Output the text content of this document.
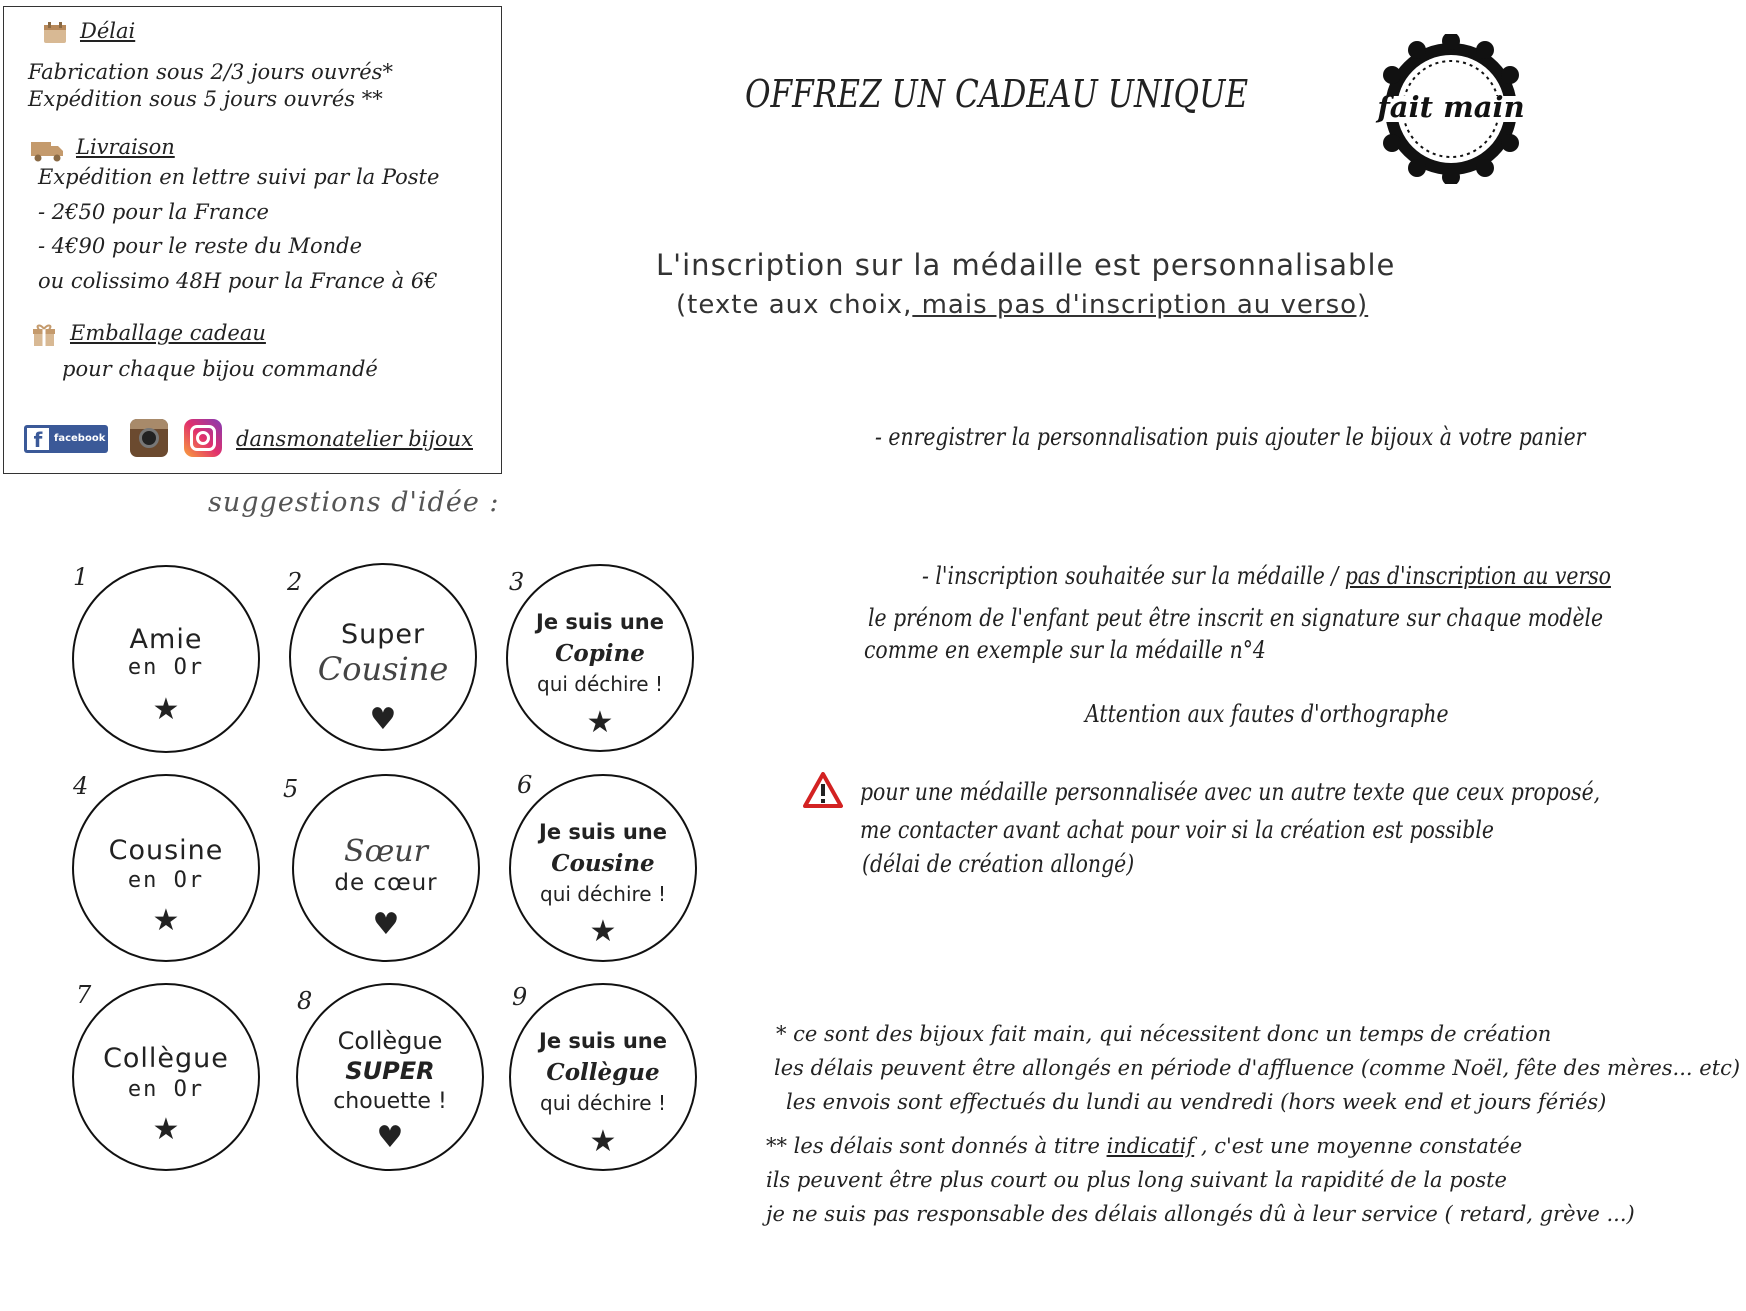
Délai
Fabrication sous 2/3 jours ouvrés*
Expédition sous 5 jours ouvrés **
Livraison
Expédition en lettre suivi par la Poste
- 2€50 pour la France
- 4€90 pour le reste du Monde
ou colissimo 48H pour la France à 6€
Emballage cadeau
pour chaque bijou commandé
f	facebook	dansmonatelier bijoux
suggestions d'idée :
1
Amie
en Or
★
2
Super
Cousine
♥
3
Je suis une
Copine
qui déchire !
★
4
Cousine
en Or
★
5
Sœur
de cœur
♥
6
Je suis une
Cousine
qui déchire !
★
7
Collègue
en Or
★
8
Collègue
SUPER
chouette !
♥
9
Je suis une
Collègue
qui déchire !
★
OFFREZ UN CADEAU UNIQUE	fait main
L'inscription sur la médaille est personnalisable
(texte aux choix, mais pas d'inscription au verso)
- enregistrer la personnalisation puis ajouter le bijoux à votre panier
- l'inscription souhaitée sur la médaille / pas d'inscription au verso
le prénom de l'enfant peut être inscrit en signature sur chaque modèle
comme en exemple sur la médaille n°4
Attention aux fautes d'orthographe
pour une médaille personnalisée avec un autre texte que ceux proposé,
me contacter avant achat pour voir si la création est possible
(délai de création allongé)
* ce sont des bijoux fait main, qui nécessitent donc un temps de création
les délais peuvent être allongés en période d'affluence (comme Noël, fête des mères... etc)
les envois sont effectués du lundi au vendredi (hors week end et jours fériés)
** les délais sont donnés à titre indicatif , c'est une moyenne constatée
ils peuvent être plus court ou plus long suivant la rapidité de la poste
je ne suis pas responsable des délais allongés dû à leur service ( retard, grève ...)
